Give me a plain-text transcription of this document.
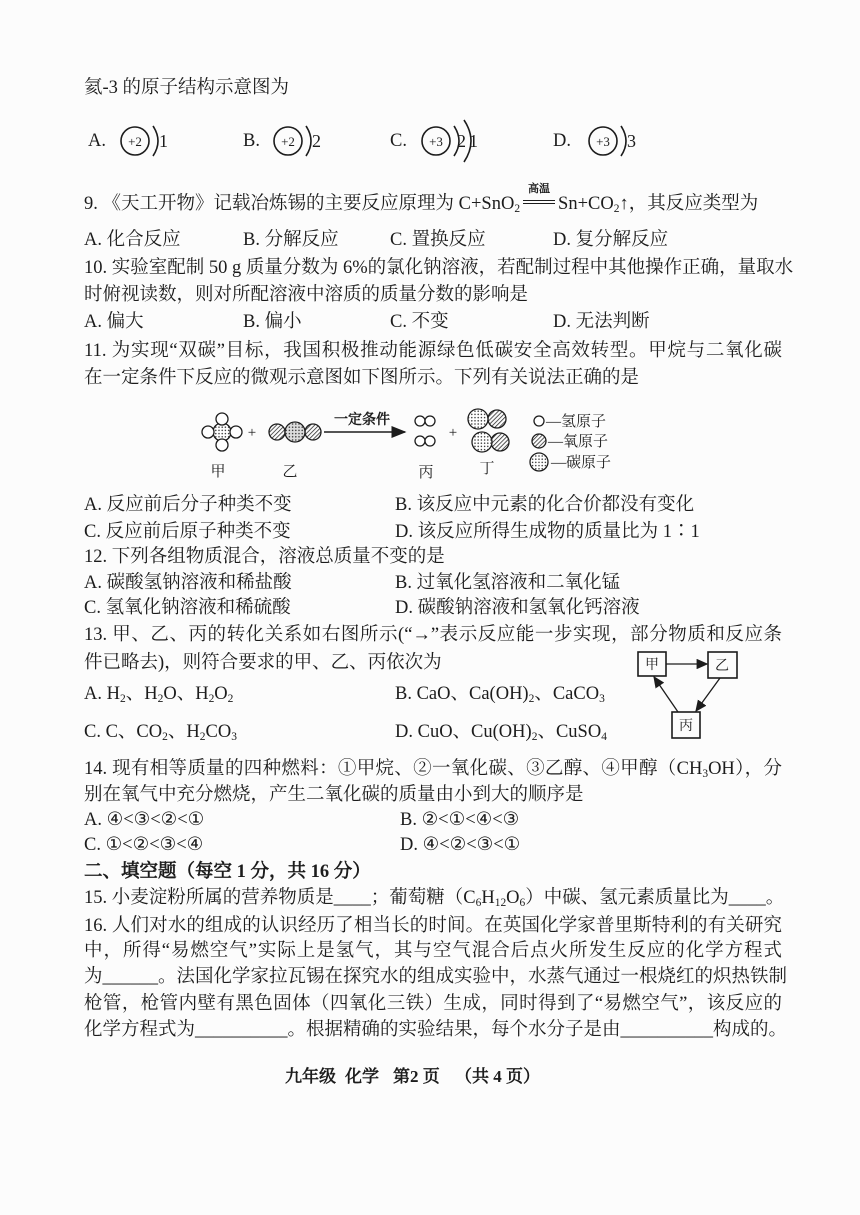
氦-3 的原子结构示意图为
A. +2 1	B. +2 2	C. +3 2 1	D. +3 3
9. 《天工开物》记载冶炼锡的主要反应原理为 C+SnO$_2$
高温
$Sn+CO_2↑$，其反应类型为
A. 化合反应	B. 分解反应	C. 置换反应	D. 复分解反应
10. 实验室配制 50 g 质量分数为 6%的氯化钠溶液，若配制过程中其他操作正确，量取水
时俯视读数，则对所配溶液中溶质的质量分数的影响是
A. 偏大	B. 偏小	C. 不变	D. 无法判断
11. 为实现“双碳”目标，我国积极推动能源绿色低碳安全高效转型。甲烷与二氧化碳
在一定条件下反应的微观示意图如下图所示。下列有关说法正确的是
+
一定条件
+
—氢原子
—氧原子
—碳原子
甲	乙	丙	丁
A. 反应前后分子种类不变	B. 该反应中元素的化合价都没有变化
C. 反应前后原子种类不变	D. 该反应所得生成物的质量比为 1∶1
12. 下列各组物质混合，溶液总质量不变的是
A. 碳酸氢钠溶液和稀盐酸	B. 过氧化氢溶液和二氧化锰
C. 氢氧化钠溶液和稀硫酸	D. 碳酸钠溶液和氢氧化钙溶液
13. 甲、乙、丙的转化关系如右图所示(“→”表示反应能一步实现，部分物质和反应条
件已略去)，则符合要求的甲、乙、丙依次为
A. $H_2$、$H_2O$、$H_2O_2$	B. CaO、$Ca(OH)_2$、CaCO$_3$
C. C、$CO_2$、$H_2CO_3$	D. CuO、$Cu(OH)_2$、CuSO$_4$
甲	乙
丙
14. 现有相等质量的四种燃料：①甲烷、②一氧化碳、③乙醇、④甲醇$(CH_3OH)$，分
别在氧气中充分燃烧，产生二氧化碳的质量由小到大的顺序是
A. ④<③<②<①	B. ②<①<④<③
C. ①<②<③<④	D. ④<②<③<①
二、填空题（每空 1 分，共 16 分）
15. 小麦淀粉所属的营养物质是____；葡萄糖$(C_6H_{12}O_6)$中碳、氢元素质量比为____。
16. 人们对水的组成的认识经历了相当长的时间。在英国化学家普里斯特利的有关研究
中，所得“易燃空气”实际上是氢气，其与空气混合后点火所发生反应的化学方程式
为______。法国化学家拉瓦锡在探究水的组成实验中，水蒸气通过一根烧红的炽热铁制
枪管，枪管内壁有黑色固体（四氧化三铁）生成，同时得到了“易燃空气”，该反应的
化学方程式为__________。根据精确的实验结果，每个水分子是由__________构成的。
九年级 化学 第2 页 （共 4 页）
